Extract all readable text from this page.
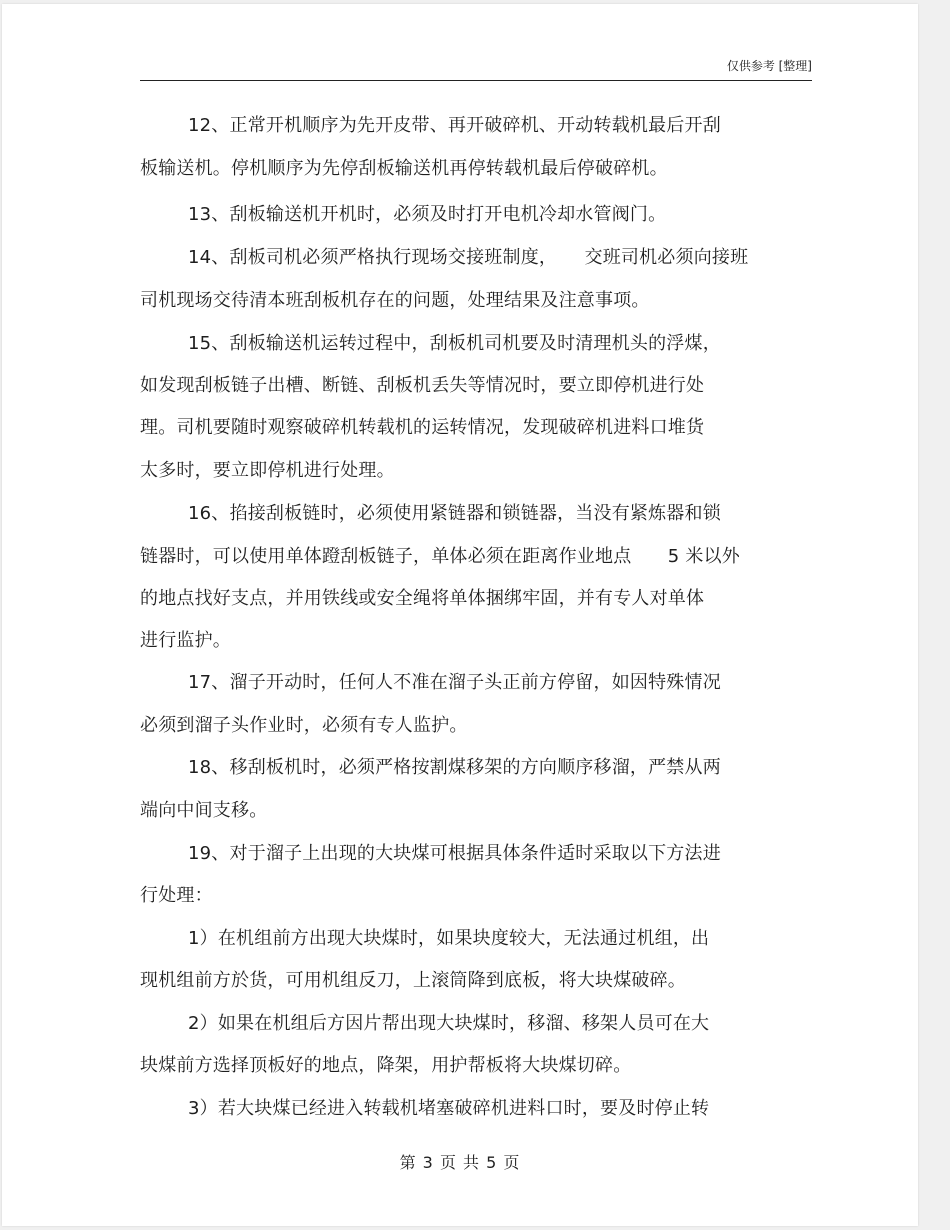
仅供参考 [整理]
12、正常开机顺序为先开皮带、再开破碎机、开动转载机最后开刮
板输送机。停机顺序为先停刮板输送机再停转载机最后停破碎机。
13、刮板输送机开机时，必须及时打开电机冷却水管阀门。
14、刮板司机必须严格执行现场交接班制度，　　交班司机必须向接班
司机现场交待清本班刮板机存在的问题，处理结果及注意事项。
15、刮板输送机运转过程中，刮板机司机要及时清理机头的浮煤，
如发现刮板链子出槽、断链、刮板机丢失等情况时，要立即停机进行处
理。司机要随时观察破碎机转载机的运转情况，发现破碎机进料口堆货
太多时，要立即停机进行处理。
16、掐接刮板链时，必须使用紧链器和锁链器，当没有紧炼器和锁
链器时，可以使用单体蹬刮板链子，单体必须在距离作业地点　　5 米以外
的地点找好支点，并用铁线或安全绳将单体捆绑牢固，并有专人对单体
进行监护。
17、溜子开动时，任何人不准在溜子头正前方停留，如因特殊情况
必须到溜子头作业时，必须有专人监护。
18、移刮板机时，必须严格按割煤移架的方向顺序移溜，严禁从两
端向中间支移。
19、对于溜子上出现的大块煤可根据具体条件适时采取以下方法进
行处理：
1）在机组前方出现大块煤时，如果块度较大，无法通过机组，出
现机组前方於货，可用机组反刀，上滚筒降到底板，将大块煤破碎。
2）如果在机组后方因片帮出现大块煤时，移溜、移架人员可在大
块煤前方选择顶板好的地点，降架，用护帮板将大块煤切碎。
3）若大块煤已经进入转载机堵塞破碎机进料口时，要及时停止转
第 3 页 共 5 页
